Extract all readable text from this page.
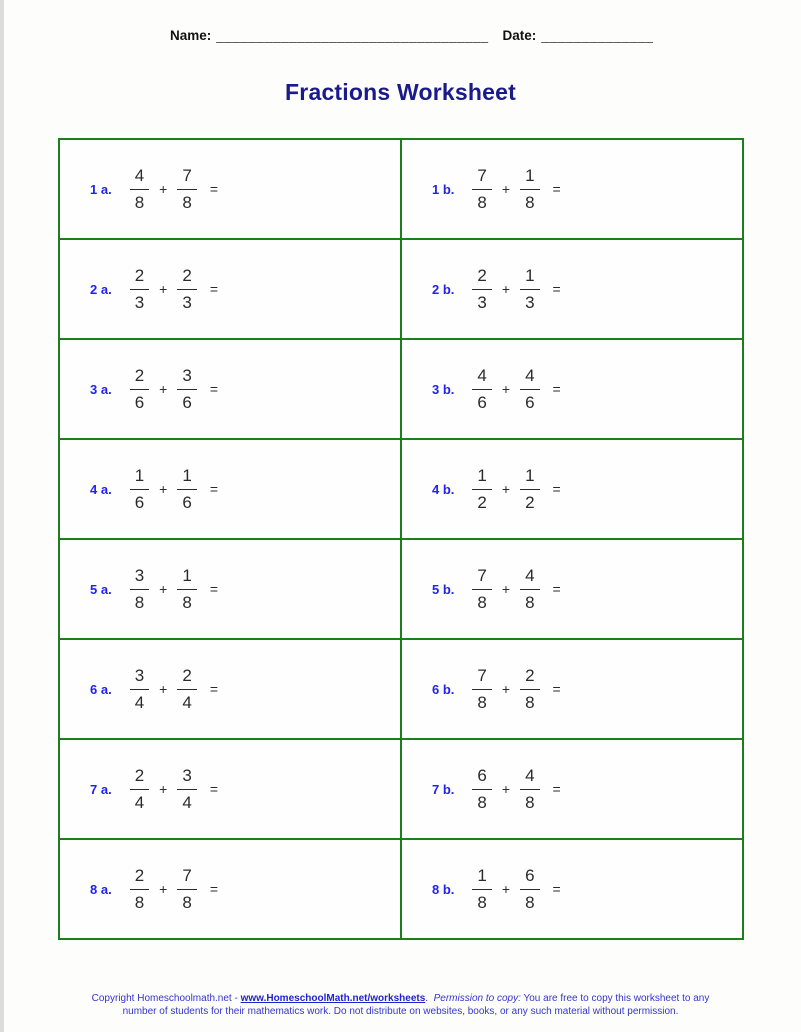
Name: __________________________________ Date: ______________
Fractions Worksheet
1 a. $\frac{4}{8} + \frac{7}{8}$ =	1 b. $\frac{7}{8} + \frac{1}{8}$ =

2 a. $\frac{2}{3} + \frac{2}{3}$ =	2 b. $\frac{2}{3} + \frac{1}{3}$ =

3 a. $\frac{2}{6} + \frac{3}{6}$ =	3 b. $\frac{4}{6} + \frac{4}{6}$ =

4 a. $\frac{1}{6} + \frac{1}{6}$ =	4 b. $\frac{1}{2} + \frac{1}{2}$ =

5 a. $\frac{3}{8} + \frac{1}{8}$ =	5 b. $\frac{7}{8} + \frac{4}{8}$ =

6 a. $\frac{3}{4} + \frac{2}{4}$ =	6 b. $\frac{7}{8} + \frac{2}{8}$ =

7 a. $\frac{2}{4} + \frac{3}{4}$ =	7 b. $\frac{6}{8} + \frac{4}{8}$ =

8 a. $\frac{2}{8} + \frac{7}{8}$ =	8 b. $\frac{1}{8} + \frac{6}{8}$ =
Copyright Homeschoolmath.net - www.HomeschoolMath.net/worksheets.  Permission to copy: You are free to copy this worksheet to any number of students for their mathematics work. Do not distribute on websites, books, or any such material without permission.
